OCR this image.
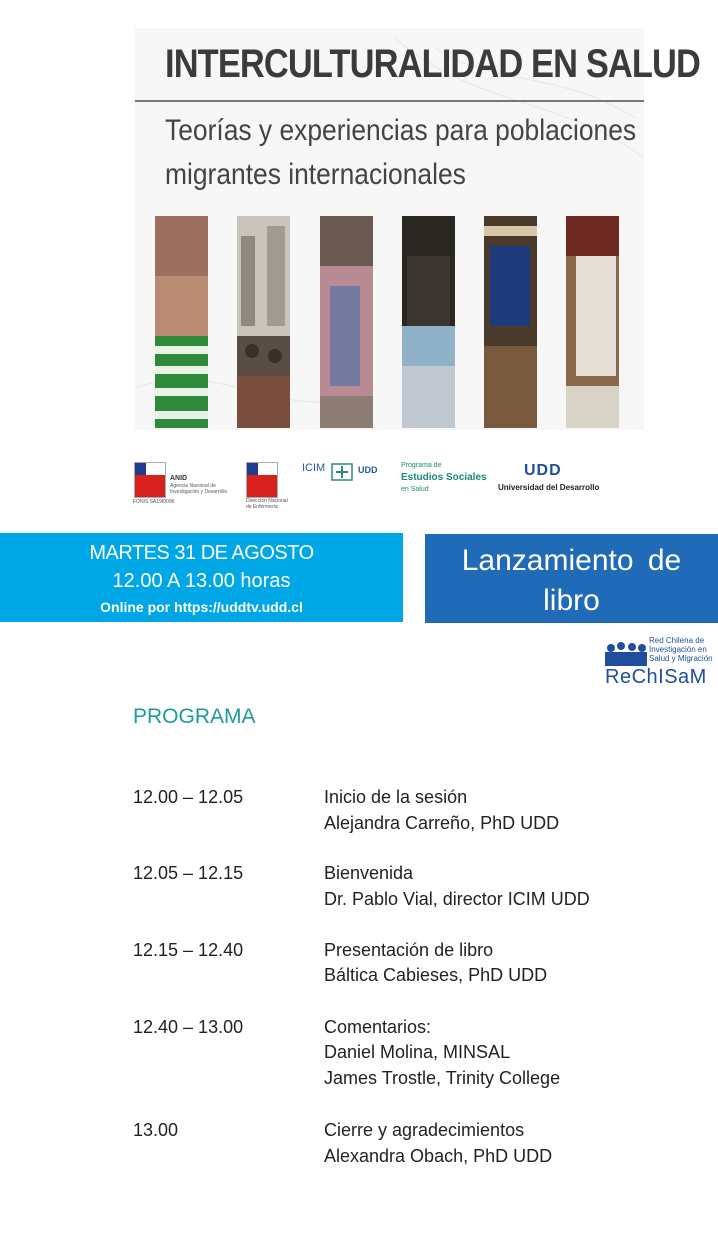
INTERCULTURALIDAD EN SALUD
Teorías y experiencias para poblaciones
migrantes internacionales
ANID
Agencia Nacional de
Investigación y Desarrollo
FONIS SA19I0096	Dirección Nacional
de Enfermería
ICIM	UDD	Programa de
Estudios Sociales
en Salud
UDD
Universidad del Desarrollo
MARTES 31 DE AGOSTO
12.00 A 13.00 horas
Online por https://uddtv.udd.cl
Lanzamiento de
libro
Red Chilena de
Investigación en
Salud y Migración
ReChISaM
PROGRAMA
12.00 – 12.05	Inicio de la sesión
Alejandra Carreño, PhD UDD
12.05 – 12.15	Bienvenida
Dr. Pablo Vial, director ICIM UDD
12.15 – 12.40	Presentación de libro
Báltica Cabieses, PhD UDD
12.40 – 13.00	Comentarios:
Daniel Molina, MINSAL
James Trostle, Trinity College
13.00	Cierre y agradecimientos
Alexandra Obach, PhD UDD
